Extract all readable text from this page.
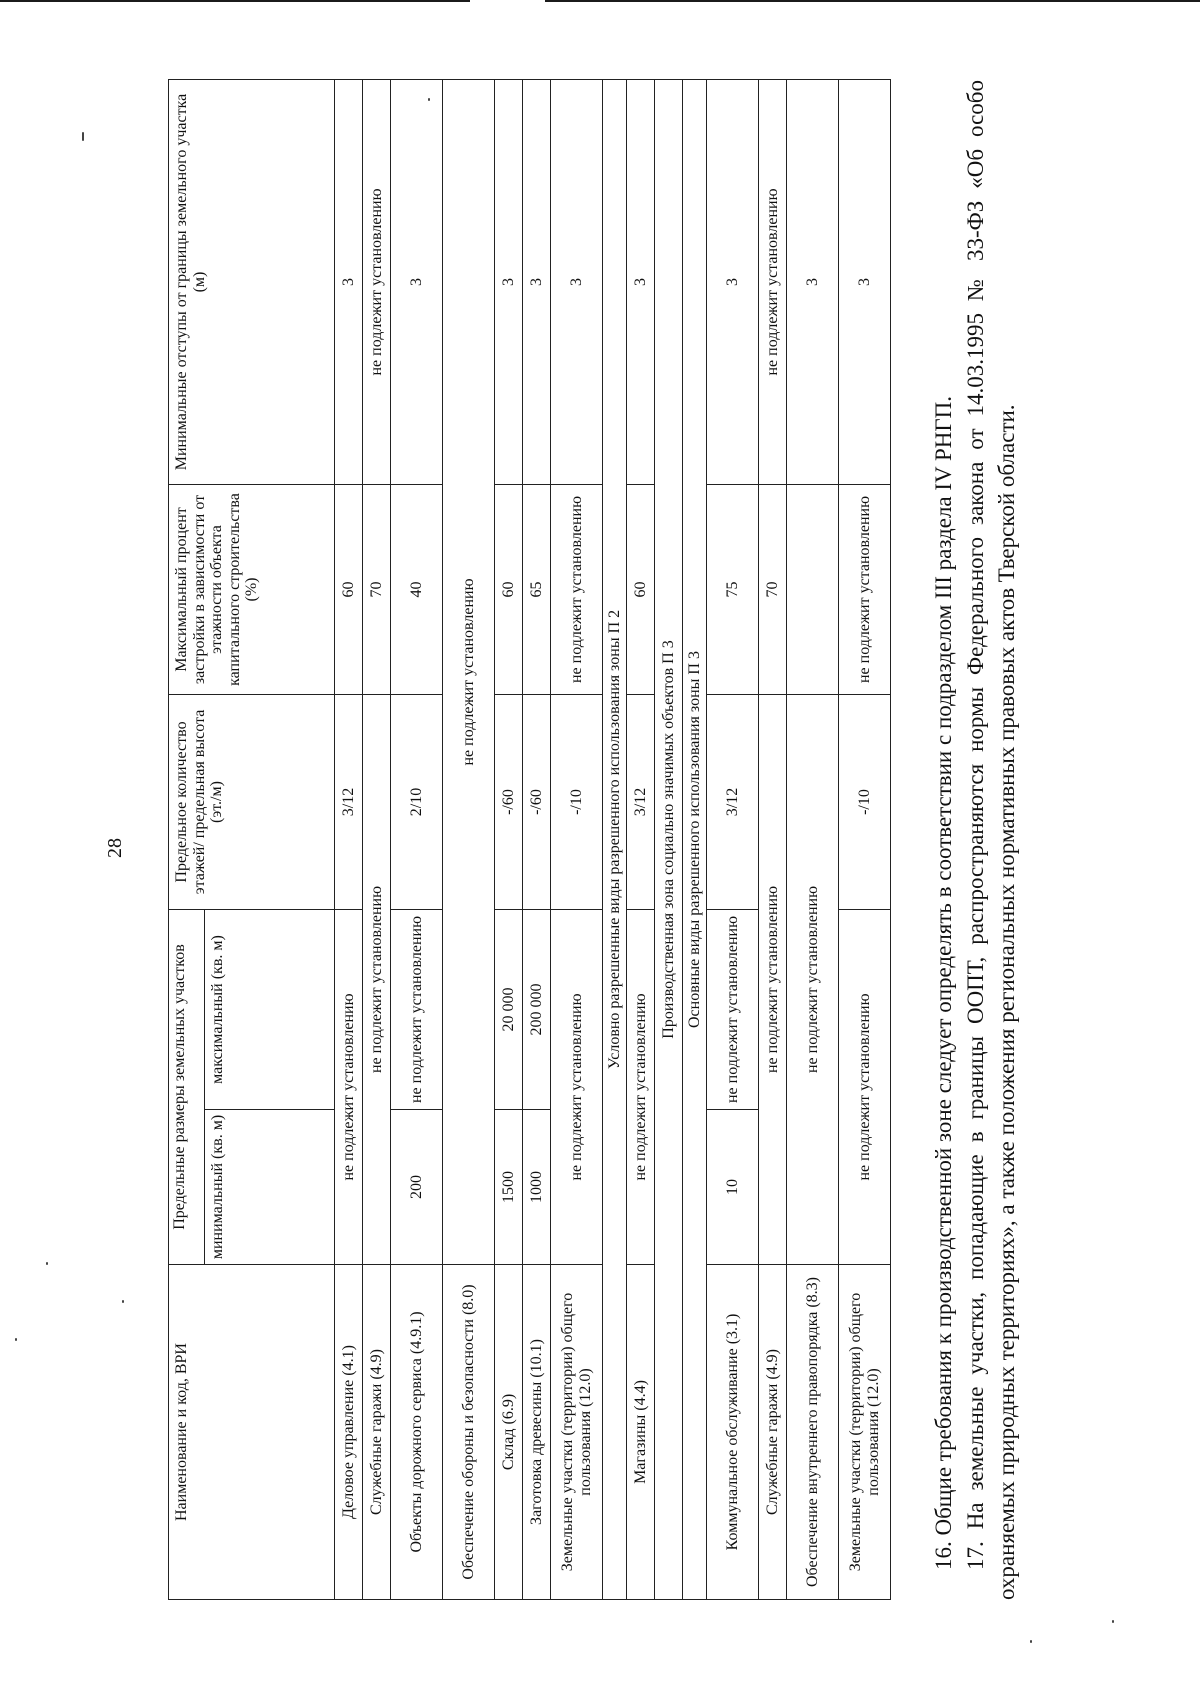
28
Наименование и код, ВРИ	Предельные размеры земельных участков		Предельное количество этажей/ предельная высота (эт./м)	Максимальный процент застройки в зависимости от этажности объекта капитального строительства (%)	Минимальные отступы от границы земельного участка (м)
	минимальный (кв. м)	максимальный (кв. м)			
Деловое управление (4.1)	не подлежит установлению		3/12	60	3
Служебные гаражи (4.9)	не подлежит установлению			70	не подлежит установлению
Объекты дорожного сервиса (4.9.1)	200	не подлежит установлению	2/10	40	3
Обеспечение обороны и безопасности (8.0)	не подлежит установлению				
Склад (6.9)	1500	20 000	-/60	60	3
Заготовка древесины (10.1)	1000	200 000	-/60	65	3
Земельные участки (территории) общего пользования (12.0)	не подлежит установлению		-/10	не подлежит установлению	3
Условно разрешенные виды разрешенного использования зоны П 2					
Магазины (4.4)	не подлежит установлению		3/12	60	3
Производственная зона социально значимых объектов П 3					
Основные виды разрешенного использования зоны П 3					
Коммунальное обслуживание (3.1)	10	не подлежит установлению	3/12	75	3
Служебные гаражи (4.9)	не подлежит установлению			70	не подлежит установлению
Обеспечение внутреннего правопорядка (8.3)	не подлежит установлению				3
Земельные участки (территории) общего пользования (12.0)	не подлежит установлению		-/10	не подлежит установлению	3

16. Общие требования к производственной зоне следует определять в соответствии с подразделом III раздела IV РНГП. 17. На земельные участки, попадающие в границы ООПТ, распространяются нормы Федерального закона от 14.03.1995 № 33-ФЗ «Об особо охраняемых природных территориях», а также положения региональных нормативных правовых актов Тверской области.
